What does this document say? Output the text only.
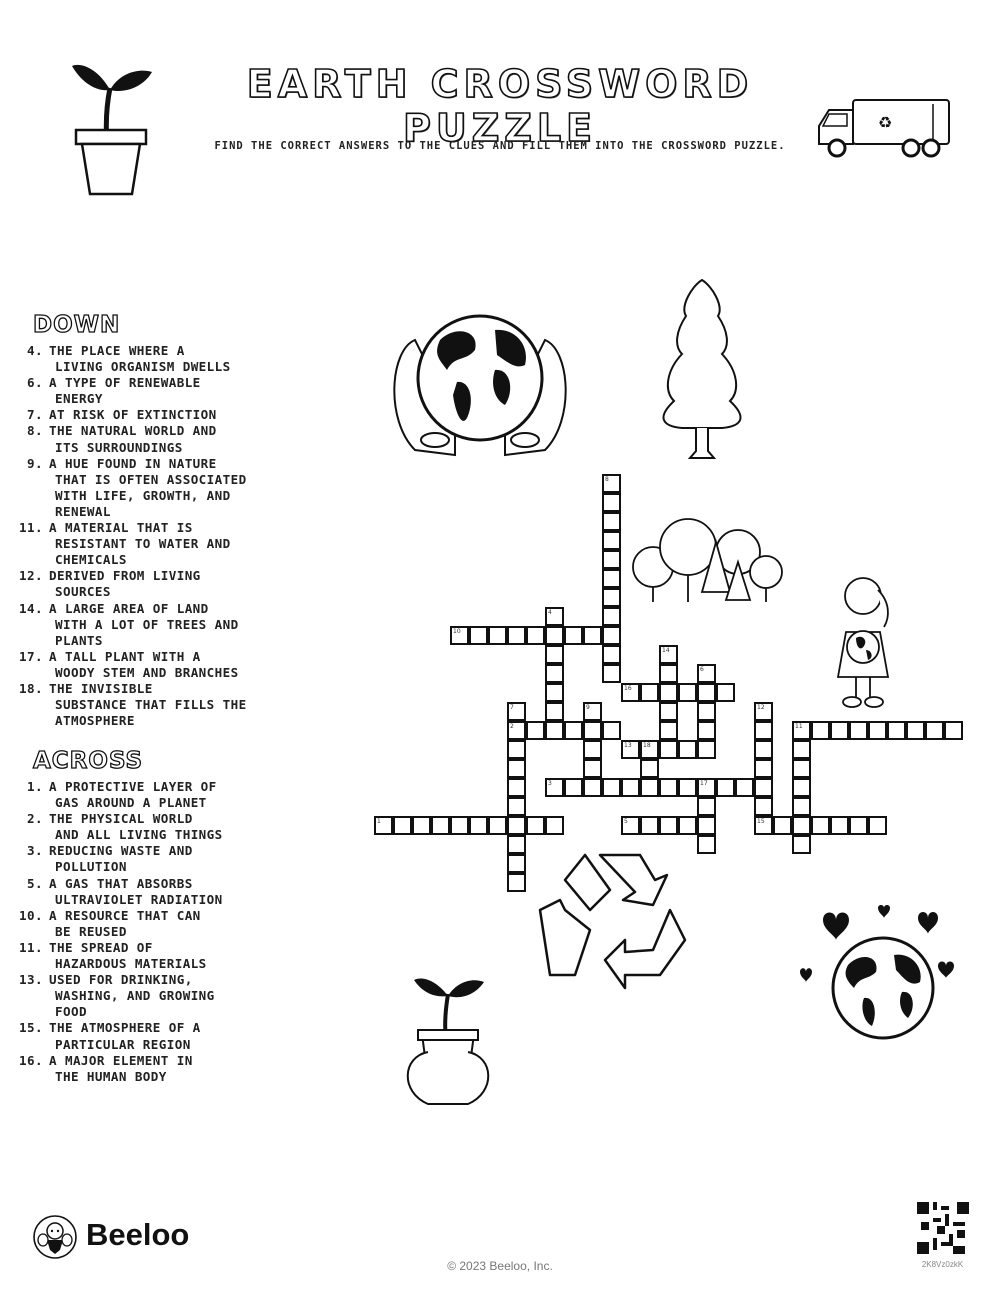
EARTH CROSSWORD PUZZLE
FIND THE CORRECT ANSWERS TO THE CLUES AND FILL THEM INTO THE CROSSWORD PUZZLE.
♻
DOWN
4. THE PLACE WHERE A
LIVING ORGANISM DWELLS
6. A TYPE OF RENEWABLE
ENERGY
7. AT RISK OF EXTINCTION
8. THE NATURAL WORLD AND
ITS SURROUNDINGS
9. A HUE FOUND IN NATURE
THAT IS OFTEN ASSOCIATED
WITH LIFE, GROWTH, AND
RENEWAL
11. A MATERIAL THAT IS
RESISTANT TO WATER AND
CHEMICALS
12. DERIVED FROM LIVING
SOURCES
14. A LARGE AREA OF LAND
WITH A LOT OF TREES AND
PLANTS
17. A TALL PLANT WITH A
WOODY STEM AND BRANCHES
18. THE INVISIBLE
SUBSTANCE THAT FILLS THE
ATMOSPHERE
ACROSS
1. A PROTECTIVE LAYER OF
GAS AROUND A PLANET
2. THE PHYSICAL WORLD
AND ALL LIVING THINGS
3. REDUCING WASTE AND
POLLUTION
5. A GAS THAT ABSORBS
ULTRAVIOLET RADIATION
10. A RESOURCE THAT CAN
BE REUSED
11. THE SPREAD OF
HAZARDOUS MATERIALS
13. USED FOR DRINKING,
WASHING, AND GROWING
FOOD
15. THE ATMOSPHERE OF A
PARTICULAR REGION
16. A MAJOR ELEMENT IN
THE HUMAN BODY
8
4
10
14
16
6
7
2
9	12
15
11
13 18
3	17
1	5
Beeloo
© 2023 Beeloo, Inc.	2K8Vz0zkK
